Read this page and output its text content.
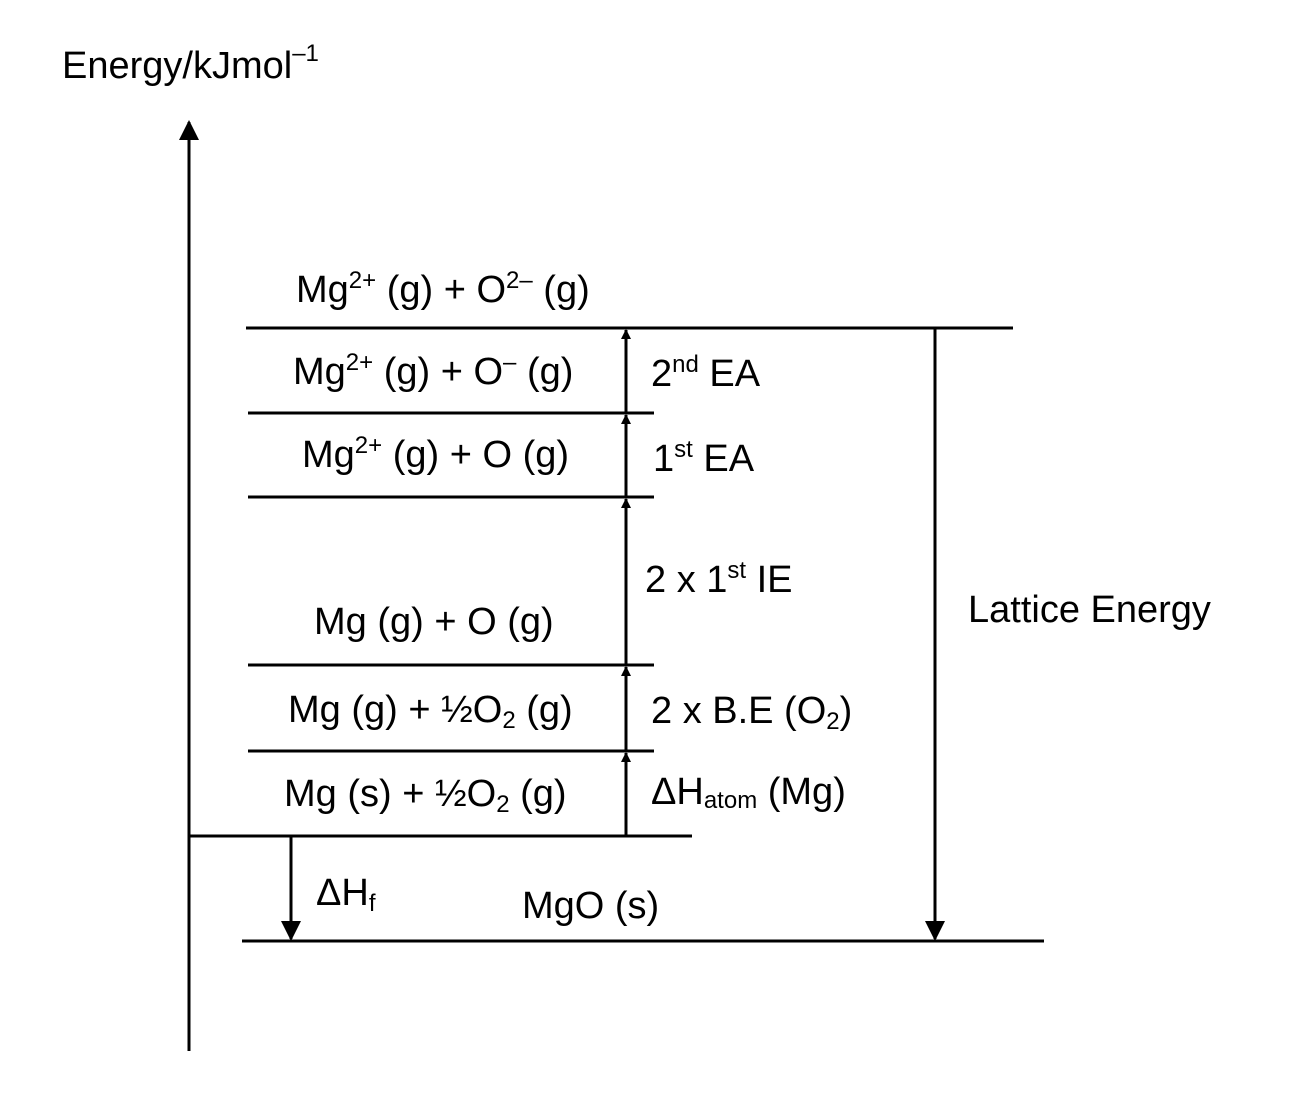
Energy/kJmol$^{-1}$
$Mg^{2+}$ $(g) + O^{2-}$ (g)
$Mg^{2+}$ (g) + O– (g)
$Mg^{2+}$ (g) + O (g)
Mg (g) + O (g)
Mg (g) + ½O2 (g)
Mg (s) + ½O2 (g)
MgO (s)
2nd EA
1st EA
2 x 1st IE
2 x B.E (O2)
ΔHatom (Mg)
ΔHf
Lattice Energy
